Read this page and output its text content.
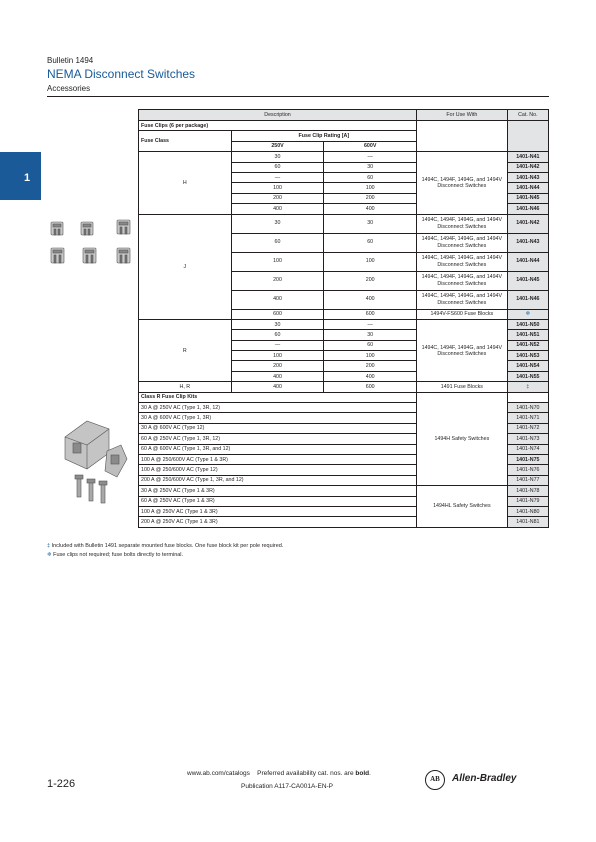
Bulletin 1494
NEMA Disconnect Switches
Accessories
1
Description			For Use With	Cat. No.
Fuse Clips (6 per package)				
Fuse Class	Fuse Clip Rating [A]			
	250V	600V		
H	30	—	1494C, 1494F, 1494G, and 1494V Disconnect Switches	1401-N41
	60	30		1401-N42
	—	60		1401-N43
	100	100		1401-N44
	200	200		1401-N45
	400	400		1401-N46
J	30	30	1494C, 1494F, 1494G, and 1494V Disconnect Switches	1401-N42
	60	60	1494C, 1494F, 1494G, and 1494V Disconnect Switches	1401-N43
	100	100	1494C, 1494F, 1494G, and 1494V Disconnect Switches	1401-N44
	200	200	1494C, 1494F, 1494G, and 1494V Disconnect Switches	1401-N45
	400	400	1494C, 1494F, 1494G, and 1494V Disconnect Switches	1401-N46
	600	600	1494V-FS600 Fuse Blocks	❄
R	30	—	1494C, 1494F, 1494G, and 1494V Disconnect Switches	1401-N50
	60	30		1401-N51
	—	60		1401-N52
	100	100		1401-N53
	200	200		1401-N54
	400	400		1401-N55
H, R	400	600	1491 Fuse Blocks	‡
Class R Fuse Clip Kits			1494H Safety Switches	
30 A @ 250V AC (Type 1, 3R, 12)				1401-N70
30 A @ 600V AC (Type 1, 3R)				1401-N71
30 A @ 600V AC (Type 12)				1401-N72
60 A @ 250V AC (Type 1, 3R, 12)				1401-N73
60 A @ 600V AC (Type 1, 3R, and 12)				1401-N74
100 A @ 250/600V AC (Type 1 & 3R)				1401-N75
100 A @ 250/600V AC (Type 12)				1401-N76
200 A @ 250/600V AC (Type 1, 3R, and 12)				1401-N77
30 A @ 250V AC (Type 1 & 3R)			1494HL Safety Switches	1401-N78
60 A @ 250V AC (Type 1 & 3R)				1401-N79
100 A @ 250V AC (Type 1 & 3R)				1401-N80
200 A @ 250V AC (Type 1 & 3R)				1401-N81
‡ Included with Bulletin 1491 separate mounted fuse blocks. One fuse block kit per pole required.
❄ Fuse clips not required; fuse bolts directly to terminal.
1-226
www.ab.com/catalogs Preferred availability cat. nos. are bold.
Publication A117-CA001A-EN-P
AB	Allen-Bradley
